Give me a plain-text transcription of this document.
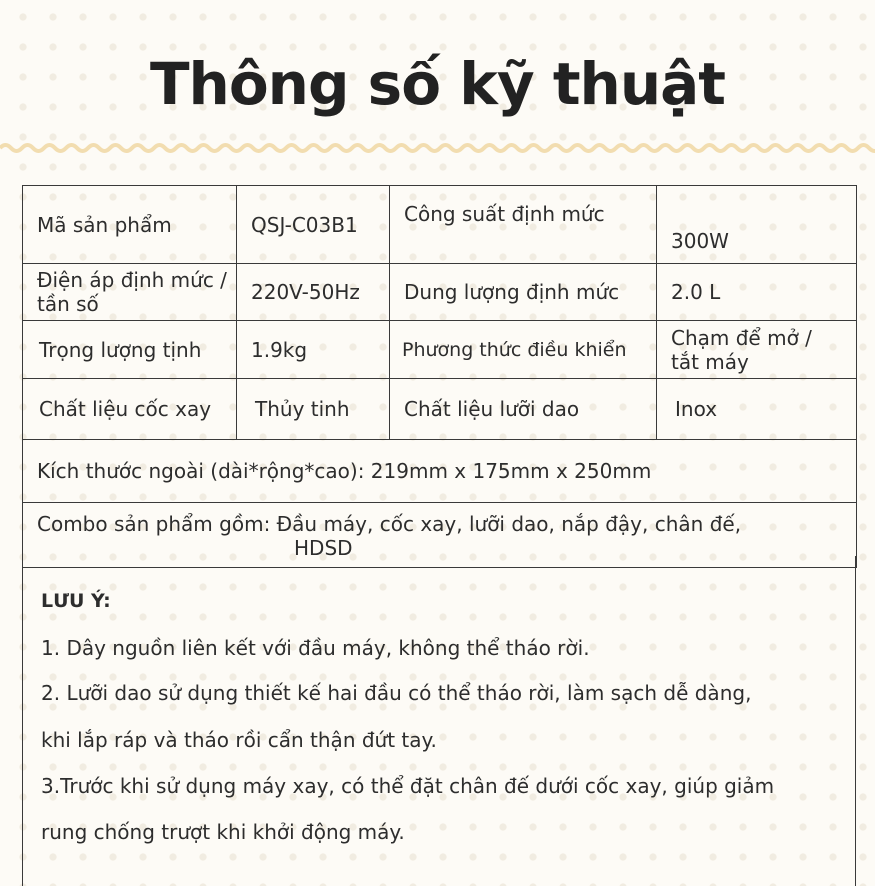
Thông số kỹ thuật
Mã sản phẩm	QSJ-C03B1	Công suất định mức	300W
Điện áp định mức / tần số	220V-50Hz	Dung lượng định mức	2.0 L
Trọng lượng tịnh	1.9kg	Phương thức điều khiển	Chạm để mở / tắt máy
Chất liệu cốc xay	Thủy tinh	Chất liệu lưỡi dao	Inox
Kích thước ngoài (dài*rộng*cao): 219mm x 175mm x 250mm			
Combo sản phẩm gồm: Đầu máy, cốc xay, lưỡi dao, nắp đậy, chân đế,
HDSD			
LƯU Ý:
1. Dây nguồn liên kết với đầu máy, không thể tháo rời.
2. Lưỡi dao sử dụng thiết kế hai đầu có thể tháo rời, làm sạch dễ dàng,
khi lắp ráp và tháo rồi cẩn thận đứt tay.
3.Trước khi sử dụng máy xay, có thể đặt chân đế dưới cốc xay, giúp giảm
rung chống trượt khi khởi động máy.
